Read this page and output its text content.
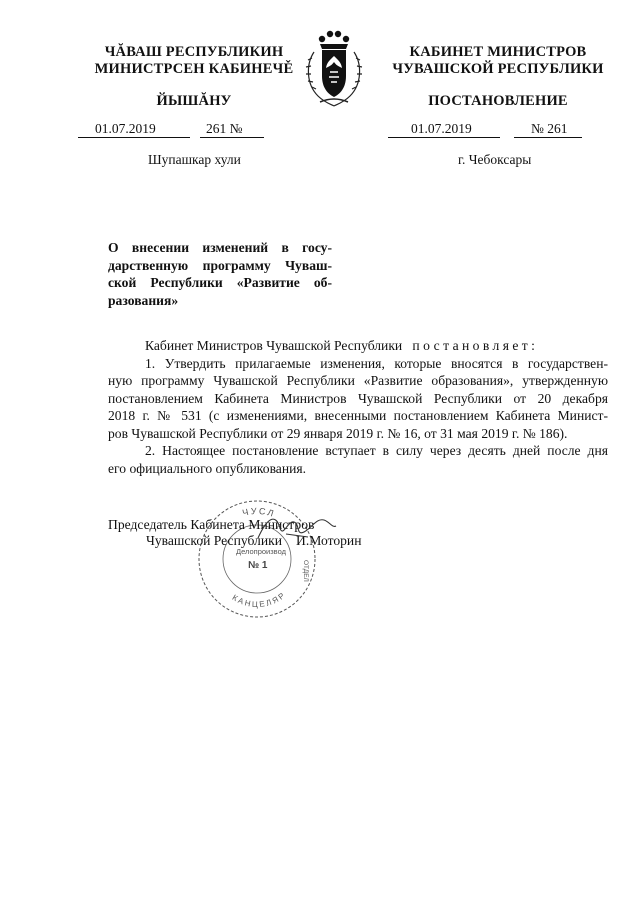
ЧĂВАШ РЕСПУБЛИКИН
МИНИСТРСЕН КАБИНЕЧĚ
ЙЫШĂНУ
КАБИНЕТ МИНИСТРОВ
ЧУВАШСКОЙ РЕСПУБЛИКИ
ПОСТАНОВЛЕНИЕ
01.07.2019	261 №	01.07.2019	№ 261
Шупашкар хули	г. Чебоксары
О внесении изменений в госу-
дарственную программу Чуваш-
ской Республики «Развитие об-
разования»
Кабинет Министров Чувашской Республики постановляет:
1. Утвердить прилагаемые изменения, которые вносятся в государствен-
ную программу Чувашской Республики «Развитие образования», утвержденную
постановлением Кабинета Министров Чувашской Республики от 20 декабря
2018 г. № 531 (с изменениями, внесенными постановлением Кабинета Минист-
ров Чувашской Республики от 29 января 2019 г. № 16, от 31 мая 2019 г. № 186).
2. Настоящее постановление вступает в силу через десять дней после дня
его официального опубликования.
ЧУСЛ
КАНЦЕЛЯР
Делопроизвод
№ 1	ОТДЕЛ
Председатель Кабинета Министров
Чувашской Республики И.Моторин
